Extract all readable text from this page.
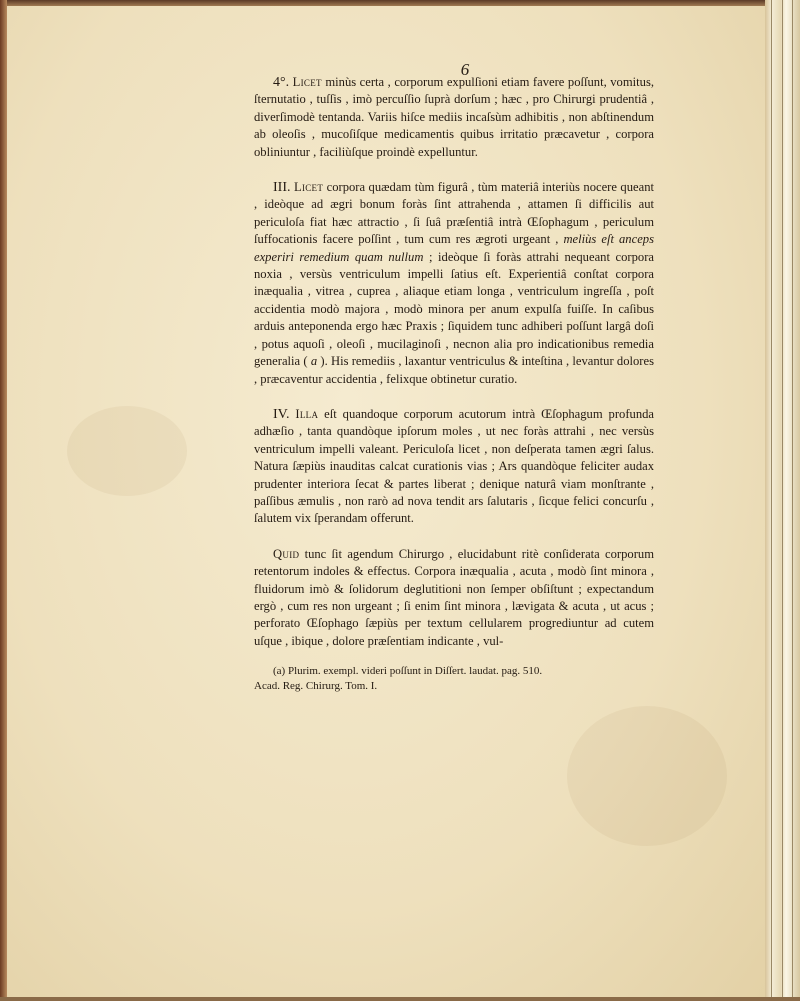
6

4°. Licet minùs certa , corporum expulſioni etiam favere poſſunt, vomitus, ſternutatio , tuſſis , imò percuſſio ſuprà dorſum ; hæc , pro Chirurgi prudentiâ , diverſimodè tentanda. Variis hiſce mediis incaſsùm adhibitis , non abſtinendum ab oleoſis , mucoſiſque medicamentis quibus irritatio præcavetur , corpora obliniuntur , faciliùſque proindè expelluntur.

III. Licet corpora quædam tùm figurâ , tùm materiâ interiùs nocere queant , ideòque ad ægri bonum foràs ſint attrahenda , attamen ſi difficilis aut periculoſa fiat hæc attractio , ſi ſuâ præſentiâ intrà Œſophagum , periculum ſuffocationis facere poſſint , tum cum res ægroti urgeant , meliùs eſt anceps experiri remedium quam nullum ; ideòque ſi foràs attrahi nequeant corpora noxia , versùs ventriculum impelli ſatius eſt. Experientiâ conſtat corpora inæqualia , vitrea , cuprea , aliaque etiam longa , ventriculum ingreſſa , poſt accidentia modò majora , modò minora per anum expulſa fuiſſe. In caſibus arduis anteponenda ergo hæc Praxis ; ſiquidem tunc adhiberi poſſunt largâ doſi , potus aquoſi , oleoſi , mucilaginoſi , necnon alia pro indicationibus remedia generalia ( a ). His remediis , laxantur ventriculus & inteſtina , levantur dolores , præcaventur accidentia , felixque obtinetur curatio.

IV. Illa eſt quandoque corporum acutorum intrà Œſophagum profunda adhæſio , tanta quandòque ipſorum moles , ut nec foràs attrahi , nec versùs ventriculum impelli valeant. Periculoſa licet , non deſperata tamen ægri ſalus. Natura ſæpiùs inauditas calcat curationis vias ; Ars quandòque feliciter audax prudenter interiora ſecat & partes liberat ; denique naturâ viam monſtrante , paſſibus æmulis , non rarò ad nova tendit ars ſalutaris , ſicque felici concurſu , ſalutem vix ſperandam offerunt.

Quid tunc ſit agendum Chirurgo , elucidabunt ritè conſiderata corporum retentorum indoles & effectus. Corpora inæqualia , acuta , modò ſint minora , fluidorum imò & ſolidorum deglutitioni non ſemper obſiſtunt ; expectandum ergò , cum res non urgeant ; ſi enim ſint minora , lævigata & acuta , ut acus ; perforato Œſophago ſæpiùs per textum cellularem progrediuntur ad cutem uſque , ibique , dolore præſentiam indicante , vul-

(a) Plurim. exempl. videri poſſunt in Diſſert. laudat. pag. 510.
Acad. Reg. Chirurg. Tom. I.
